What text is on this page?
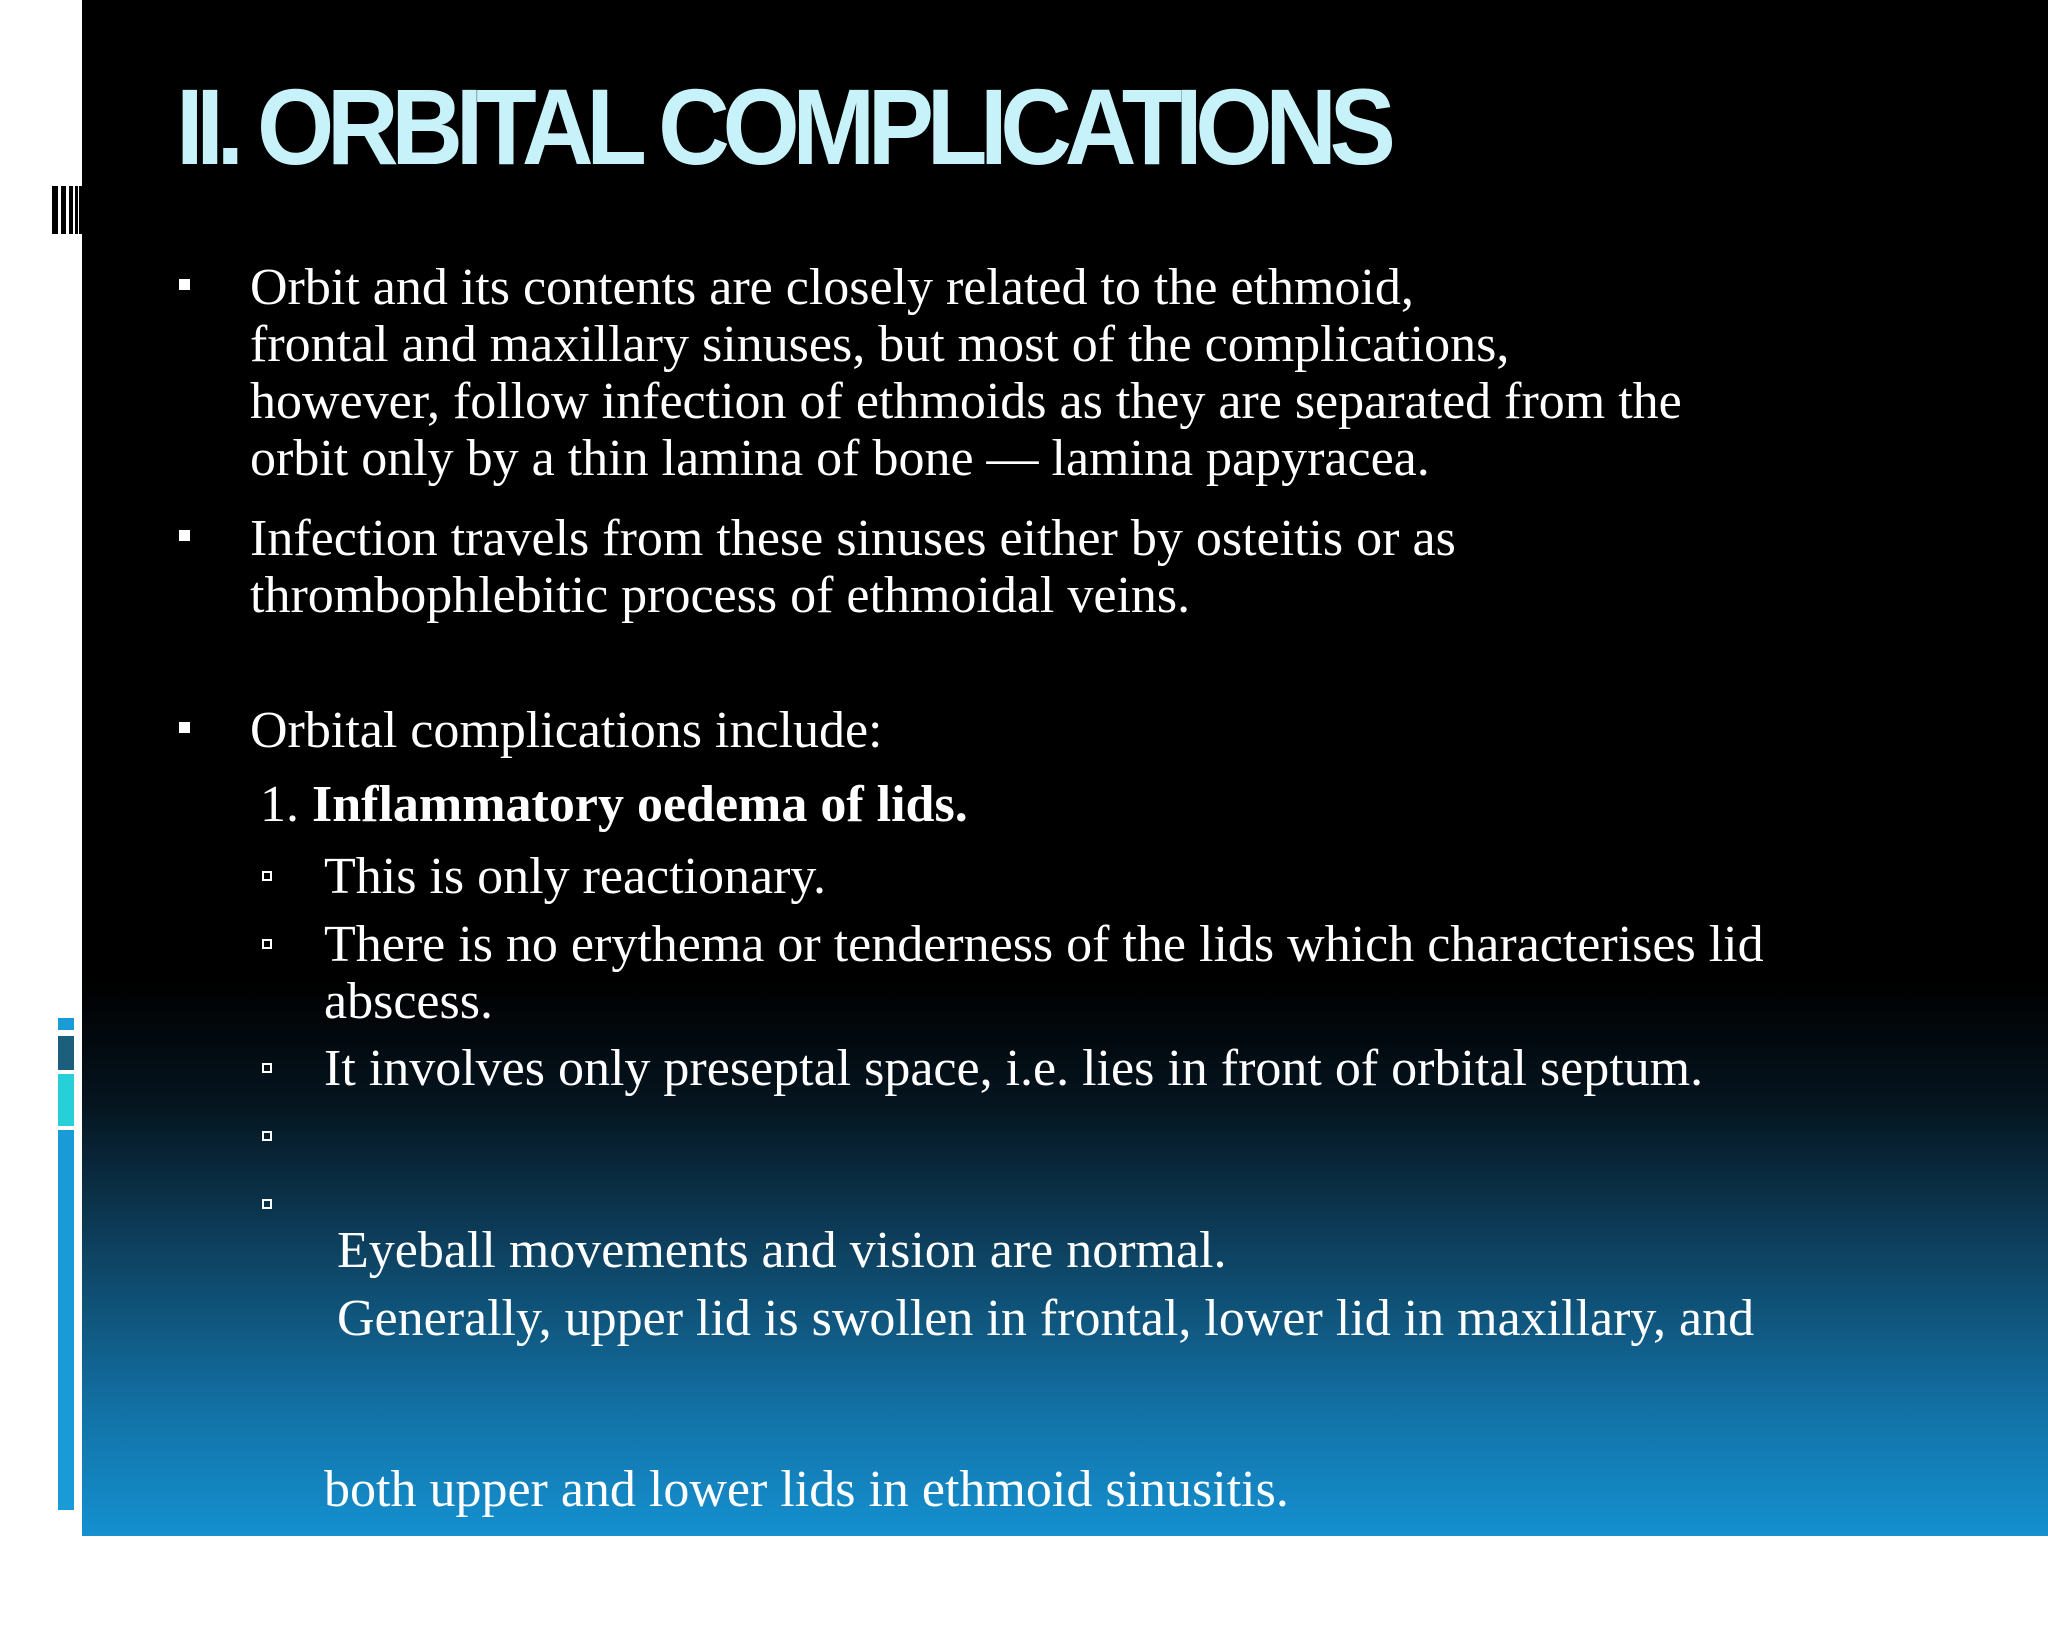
II. ORBITAL COMPLICATIONS
Orbit and its contents are closely related to the ethmoid,
frontal and maxillary sinuses, but most of the complications,
however, follow infection of ethmoids as they are separated from the
orbit only by a thin lamina of bone — lamina papyracea.
Infection travels from these sinuses either by osteitis or as
thrombophlebitic process of ethmoidal veins.
Orbital complications include:
1. Inflammatory oedema of lids.
This is only reactionary.
There is no erythema or tenderness of the lids which characterises lid
abscess.
It involves only preseptal space, i.e. lies in front of orbital septum.

Eyeball movements and vision are normal.

Generally, upper lid is swollen in frontal, lower lid in maxillary, and

both upper and lower lids in ethmoid sinusitis.
